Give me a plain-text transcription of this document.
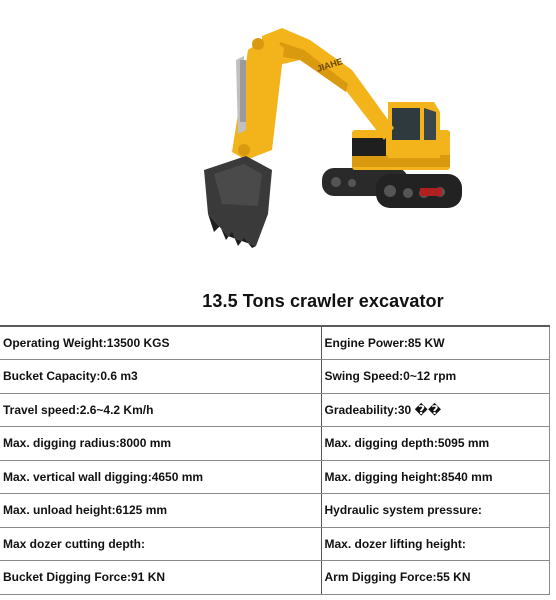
JIAHE
13.5 Tons crawler excavator
Operating Weight:13500 KGS	Engine Power:85 KW
Bucket Capacity:0.6 m3	Swing Speed:0~12 rpm
Travel speed:2.6~4.2 Km/h	Gradeability:30 ��
Max. digging radius:8000 mm	Max. digging depth:5095 mm
Max. vertical wall digging:4650 mm	Max. digging height:8540 mm
Max. unload height:6125 mm	Hydraulic system pressure:
Max dozer cutting depth:	Max. dozer lifting height:
Bucket Digging Force:91 KN	Arm Digging Force:55 KN
